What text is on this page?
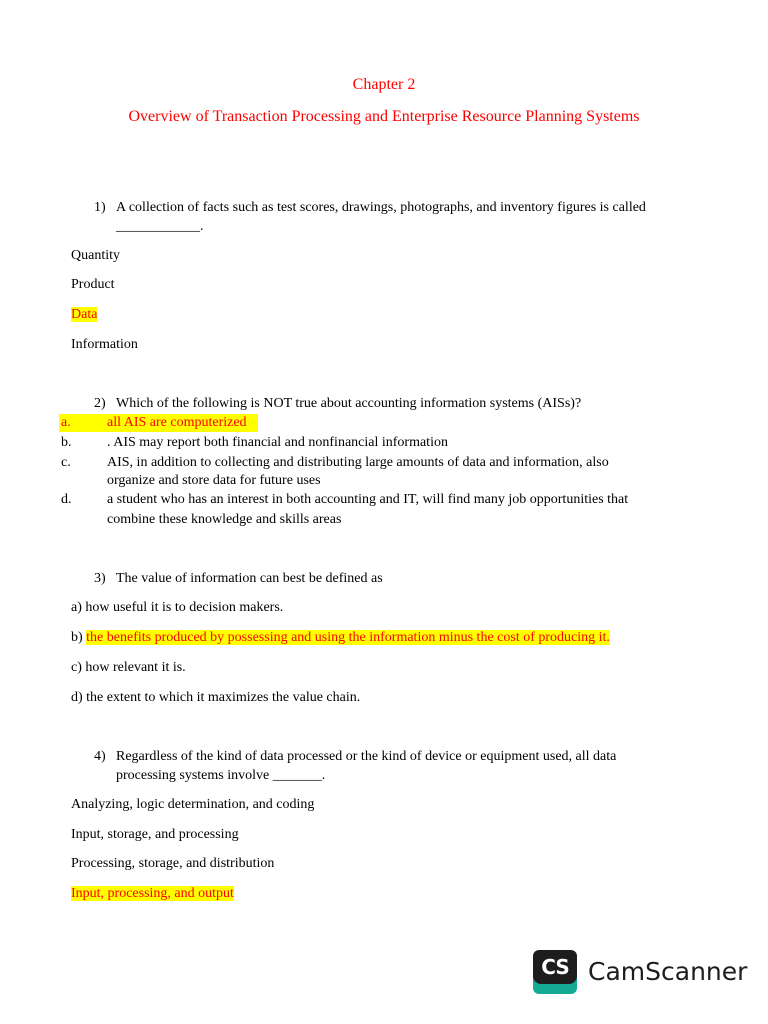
Chapter 2
Overview of Transaction Processing and Enterprise Resource Planning Systems
1) A collection of facts such as test scores, drawings, photographs, and inventory figures is called
____________.
Quantity
Product
Data
Information
2) Which of the following is NOT true about accounting information systems (AISs)?
a.	all AIS are computerized

b.	. AIS may report both financial and nonfinancial information
c.	AIS, in addition to collecting and distributing large amounts of data and information, also
organize and store data for future uses
d.	a student who has an interest in both accounting and IT, will find many job opportunities that
combine these knowledge and skills areas
3) The value of information can best be defined as
a) how useful it is to decision makers.
b) the benefits produced by possessing and using the information minus the cost of producing it.
c) how relevant it is.
d) the extent to which it maximizes the value chain.
4) Regardless of the kind of data processed or the kind of device or equipment used, all data
processing systems involve _______.
Analyzing, logic determination, and coding
Input, storage, and processing
Processing, storage, and distribution
Input, processing, and output
CS CamScanner
